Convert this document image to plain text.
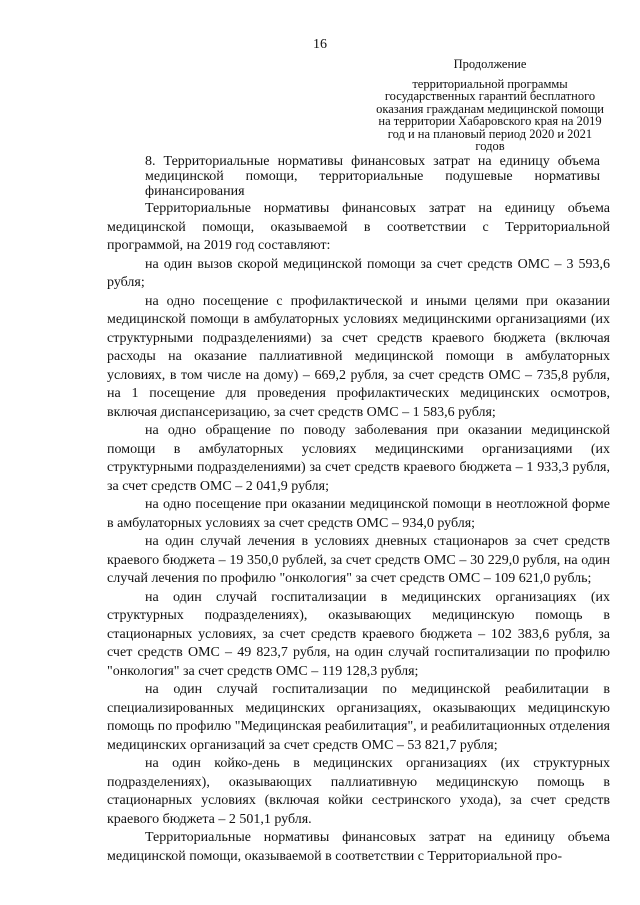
16
Продолжение
территориальной программы государственных гарантий бесплатного оказания гражданам медицинской помощи на территории Хабаровского края на 2019 год и на плановый период 2020 и 2021 годов
8. Территориальные нормативы финансовых затрат на единицу объема медицинской помощи, территориальные подушевые нормативы финансирования

Территориальные нормативы финансовых затрат на единицу объема медицинской помощи, оказываемой в соответствии с Территориальной программой, на 2019 год составляют:

на один вызов скорой медицинской помощи за счет средств ОМС – 3 593,6 рубля;

на одно посещение с профилактической и иными целями при оказании медицинской помощи в амбулаторных условиях медицинскими организациями (их структурными подразделениями) за счет средств краевого бюджета (включая расходы на оказание паллиативной медицинской помощи в амбулаторных условиях, в том числе на дому) – 669,2 рубля, за счет средств ОМС – 735,8 рубля, на 1 посещение для проведения профилактических медицинских осмотров, включая диспансеризацию, за счет средств ОМС – 1 583,6 рубля;

на одно обращение по поводу заболевания при оказании медицинской помощи в амбулаторных условиях медицинскими организациями (их структурными подразделениями) за счет средств краевого бюджета – 1 933,3 рубля, за счет средств ОМС – 2 041,9 рубля;

на одно посещение при оказании медицинской помощи в неотложной форме в амбулаторных условиях за счет средств ОМС – 934,0 рубля;

на один случай лечения в условиях дневных стационаров за счет средств краевого бюджета – 19 350,0 рублей, за счет средств ОМС – 30 229,0 рубля, на один случай лечения по профилю "онкология" за счет средств ОМС – 109 621,0 рубль;

на один случай госпитализации в медицинских организациях (их структурных подразделениях), оказывающих медицинскую помощь в стационарных условиях, за счет средств краевого бюджета – 102 383,6 рубля, за счет средств ОМС – 49 823,7 рубля, на один случай госпитализации по профилю "онкология" за счет средств ОМС – 119 128,3 рубля;

на один случай госпитализации по медицинской реабилитации в специализированных медицинских организациях, оказывающих медицинскую помощь по профилю "Медицинская реабилитация", и реабилитационных отделения медицинских организаций за счет средств ОМС – 53 821,7 рубля;

на один койко-день в медицинских организациях (их структурных подразделениях), оказывающих паллиативную медицинскую помощь в стационарных условиях (включая койки сестринского ухода), за счет средств краевого бюджета – 2 501,1 рубля.

Территориальные нормативы финансовых затрат на единицу объема медицинской помощи, оказываемой в соответствии с Территориальной про-
